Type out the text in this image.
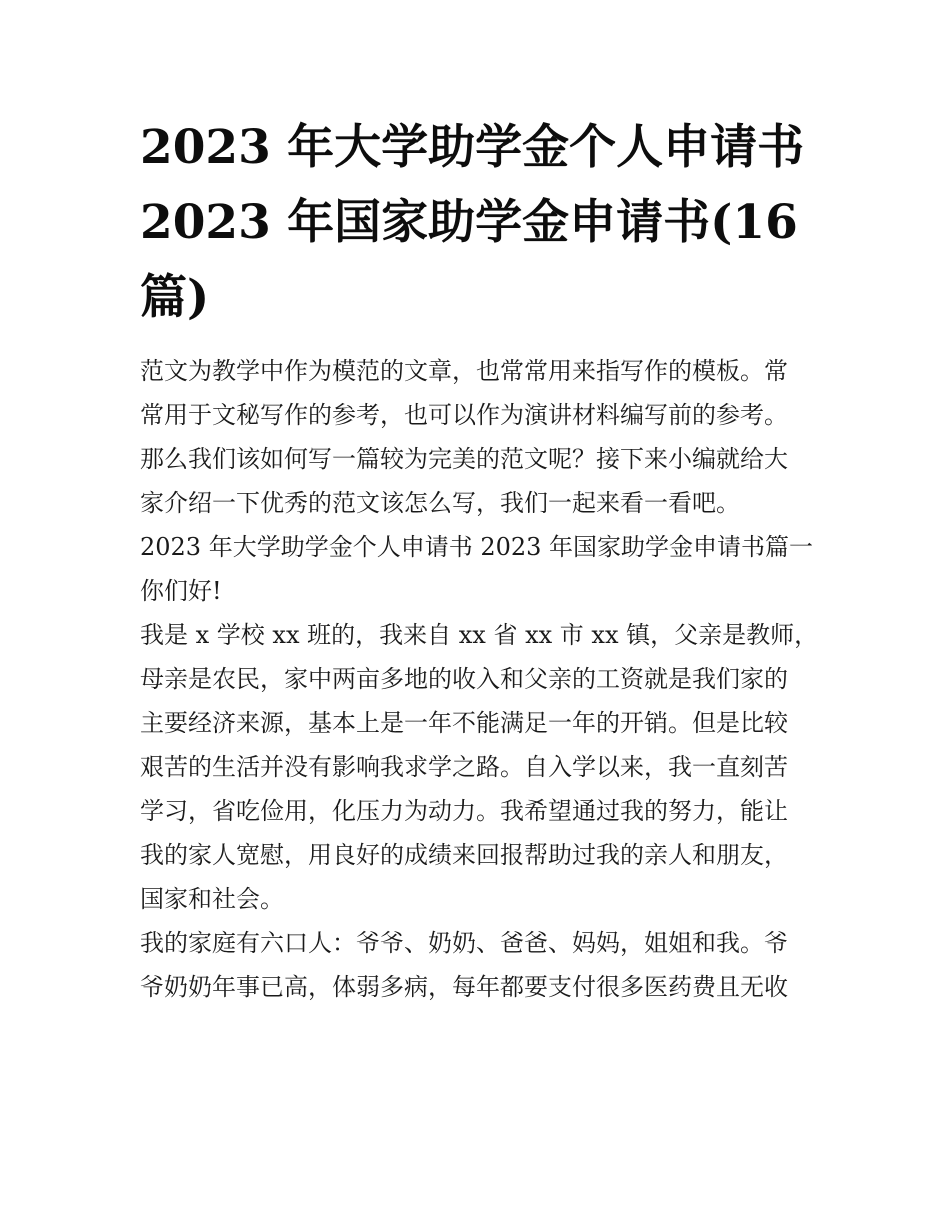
2023 年大学助学金个人申请书
2023 年国家助学金申请书(16
篇)

范文为教学中作为模范的文章，也常常用来指写作的模板。常
常用于文秘写作的参考，也可以作为演讲材料编写前的参考。
那么我们该如何写一篇较为完美的范文呢？接下来小编就给大
家介绍一下优秀的范文该怎么写，我们一起来看一看吧。

2023 年大学助学金个人申请书 2023 年国家助学金申请书篇一

你们好!

我是 x 学校 xx 班的，我来自 xx 省 xx 市 xx 镇，父亲是教师，
母亲是农民，家中两亩多地的收入和父亲的工资就是我们家的
主要经济来源，基本上是一年不能满足一年的开销。但是比较
艰苦的生活并没有影响我求学之路。自入学以来，我一直刻苦
学习，省吃俭用，化压力为动力。我希望通过我的努力，能让
我的家人宽慰，用良好的成绩来回报帮助过我的亲人和朋友，
国家和社会。

我的家庭有六口人：爷爷、奶奶、爸爸、妈妈，姐姐和我。爷
爷奶奶年事已高，体弱多病，每年都要支付很多医药费且无收
